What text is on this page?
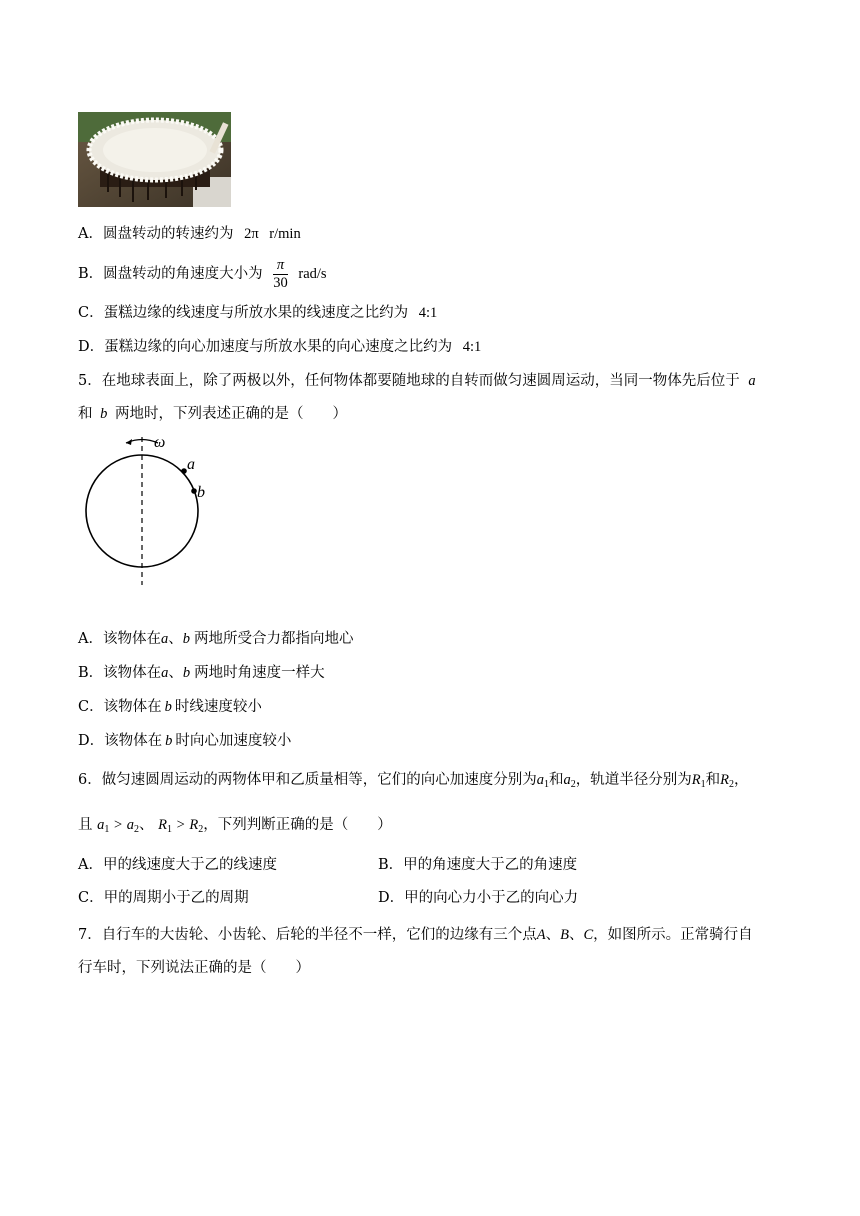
A．圆盘转动的转速约为 2π r/min
B．圆盘转动的角速度大小为 $\frac{\pi}{30} rad/s$
C．蛋糕边缘的线速度与所放水果的线速度之比约为 4:1
D．蛋糕边缘的向心加速度与所放水果的向心速度之比约为 4:1
5．在地球表面上，除了两极以外，任何物体都要随地球的自转而做匀速圆周运动，当同一物体先后位于 a
和 b 两地时，下列表述正确的是（　　）
ω
a
b
A．该物体在a、b 两地所受合力都指向地心
B．该物体在a、b 两地时角速度一样大
C．该物体在 b 时线速度较小
D．该物体在 b 时向心加速度较小
6．做匀速圆周运动的两物体甲和乙质量相等，它们的向心加速度分别为$a_1$和$a_2$，轨道半径分别为$R_1$和$R_2$，
且 $a_1 > a_2$、 $R_1 > R_2$，下列判断正确的是（　　）
A．甲的线速度大于乙的线速度	B．甲的角速度大于乙的角速度
C．甲的周期小于乙的周期	D．甲的向心力小于乙的向心力
7．自行车的大齿轮、小齿轮、后轮的半径不一样，它们的边缘有三个点A、B、C，如图所示。正常骑行自
行车时，下列说法正确的是（　　）
